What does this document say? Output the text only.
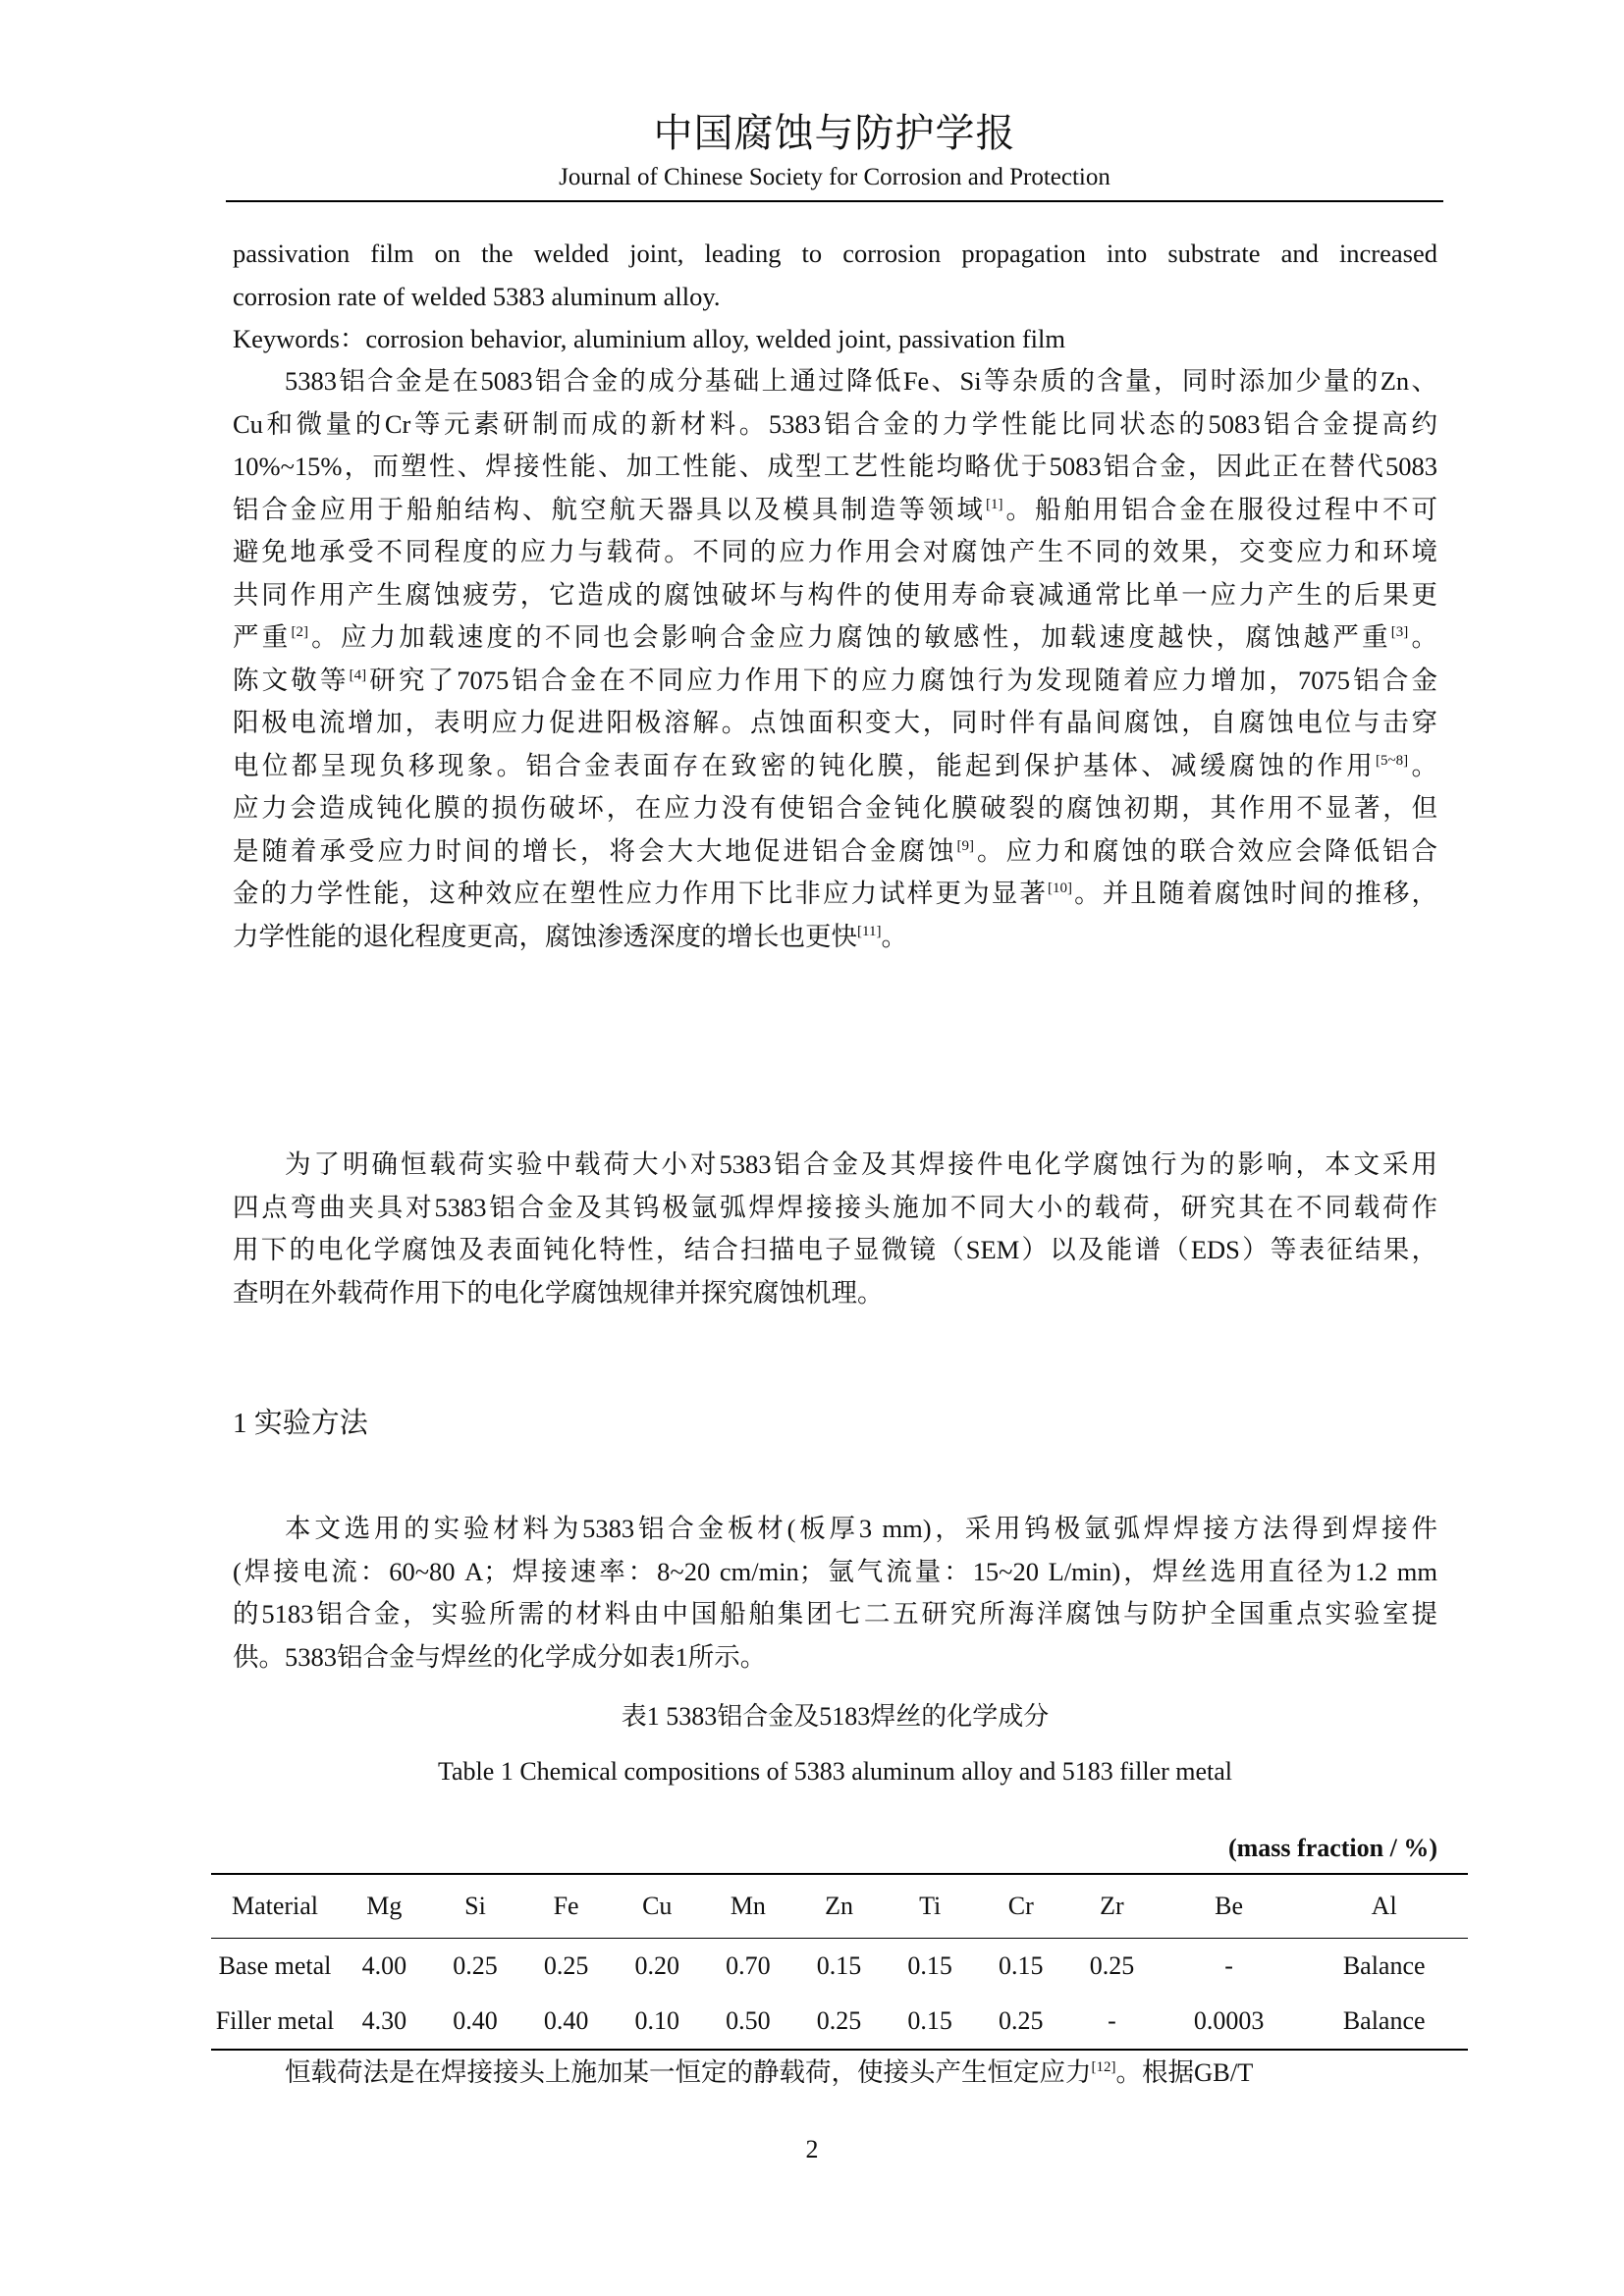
中国腐蚀与防护学报
Journal of Chinese Society for Corrosion and Protection
passivation film on the welded joint, leading to corrosion propagation into substrate and increased
corrosion rate of welded 5383 aluminum alloy.
Keywords：corrosion behavior, aluminium alloy, welded joint, passivation film
5383铝合金是在5083铝合金的成分基础上通过降低Fe、Si等杂质的含量，同时添加少量的Zn、
Cu和微量的Cr等元素研制而成的新材料。5383铝合金的力学性能比同状态的5083铝合金提高约
10%~15%，而塑性、焊接性能、加工性能、成型工艺性能均略优于5083铝合金，因此正在替代5083
铝合金应用于船舶结构、航空航天器具以及模具制造等领域[1]。船舶用铝合金在服役过程中不可
避免地承受不同程度的应力与载荷。不同的应力作用会对腐蚀产生不同的效果，交变应力和环境
共同作用产生腐蚀疲劳，它造成的腐蚀破坏与构件的使用寿命衰减通常比单一应力产生的后果更
严重[2]。应力加载速度的不同也会影响合金应力腐蚀的敏感性，加载速度越快，腐蚀越严重[3]。
陈文敬等[4]研究了7075铝合金在不同应力作用下的应力腐蚀行为发现随着应力增加，7075铝合金
阳极电流增加，表明应力促进阳极溶解。点蚀面积变大，同时伴有晶间腐蚀，自腐蚀电位与击穿
电位都呈现负移现象。铝合金表面存在致密的钝化膜，能起到保护基体、减缓腐蚀的作用[5~8]。
应力会造成钝化膜的损伤破坏，在应力没有使铝合金钝化膜破裂的腐蚀初期，其作用不显著，但
是随着承受应力时间的增长，将会大大地促进铝合金腐蚀[9]。应力和腐蚀的联合效应会降低铝合
金的力学性能，这种效应在塑性应力作用下比非应力试样更为显著[10]。并且随着腐蚀时间的推移，
力学性能的退化程度更高，腐蚀渗透深度的增长也更快[11]。
为了明确恒载荷实验中载荷大小对5383铝合金及其焊接件电化学腐蚀行为的影响，本文采用
四点弯曲夹具对5383铝合金及其钨极氩弧焊焊接接头施加不同大小的载荷，研究其在不同载荷作
用下的电化学腐蚀及表面钝化特性，结合扫描电子显微镜（SEM）以及能谱（EDS）等表征结果，
查明在外载荷作用下的电化学腐蚀规律并探究腐蚀机理。
1 实验方法
本文选用的实验材料为5383铝合金板材(板厚3 mm)，采用钨极氩弧焊焊接方法得到焊接件
(焊接电流：60~80 A；焊接速率：8~20 cm/min；氩气流量：15~20 L/min)，焊丝选用直径为1.2 mm
的5183铝合金，实验所需的材料由中国船舶集团七二五研究所海洋腐蚀与防护全国重点实验室提
供。5383铝合金与焊丝的化学成分如表1所示。
表1 5383铝合金及5183焊丝的化学成分
Table 1 Chemical compositions of 5383 aluminum alloy and 5183 filler metal
(mass fraction / %)
Material	Mg	Si	Fe	Cu	Mn	Zn	Ti	Cr	Zr	Be	Al
Base metal	4.00	0.25	0.25	0.20	0.70	0.15	0.15	0.15	0.25	-	Balance
Filler metal	4.30	0.40	0.40	0.10	0.50	0.25	0.15	0.25	-	0.0003	Balance
恒载荷法是在焊接接头上施加某一恒定的静载荷，使接头产生恒定应力[12]。根据GB/T
2
